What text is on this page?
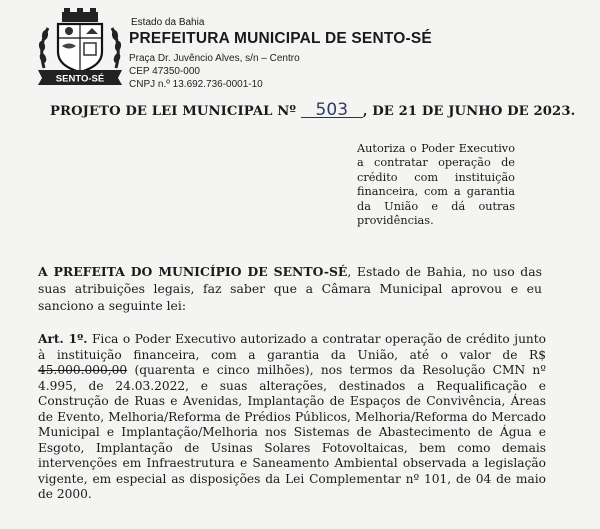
SENTO-SÉ
Estado da Bahia
PREFEITURA MUNICIPAL DE SENTO-SÉ
Praça Dr. Juvêncio Alves, s/n – Centro
CEP 47350-000
CNPJ n.º 13.692.736-0001-10
PROJETO DE LEI MUNICIPAL Nº 503 , DE 21 DE JUNHO DE 2023.
Autoriza o Poder Executivo a contratar operação de crédito com instituição financeira, com a garantia da União e dá outras providências.
A PREFEITA DO MUNICÍPIO DE SENTO-SÉ, Estado de Bahia, no uso das suas atribuições legais, faz saber que a Câmara Municipal aprovou e eu sanciono a seguinte lei:
Art. 1º. Fica o Poder Executivo autorizado a contratar operação de crédito junto à instituição financeira, com a garantia da União, até o valor de R$ 45.000.000,00 (quarenta e cinco milhões), nos termos da Resolução CMN nº 4.995, de 24.03.2022, e suas alterações, destinados a Requalificação e Construção de Ruas e Avenidas, Implantação de Espaços de Convivência, Áreas de Evento, Melhoria/Reforma de Prédios Públicos, Melhoria/Reforma do Mercado Municipal e Implantação/Melhoria nos Sistemas de Abastecimento de Água e Esgoto, Implantação de Usinas Solares Fotovoltaicas, bem como demais intervenções em Infraestrutura e Saneamento Ambiental observada a legislação vigente, em especial as disposições da Lei Complementar nº 101, de 04 de maio de 2000.
